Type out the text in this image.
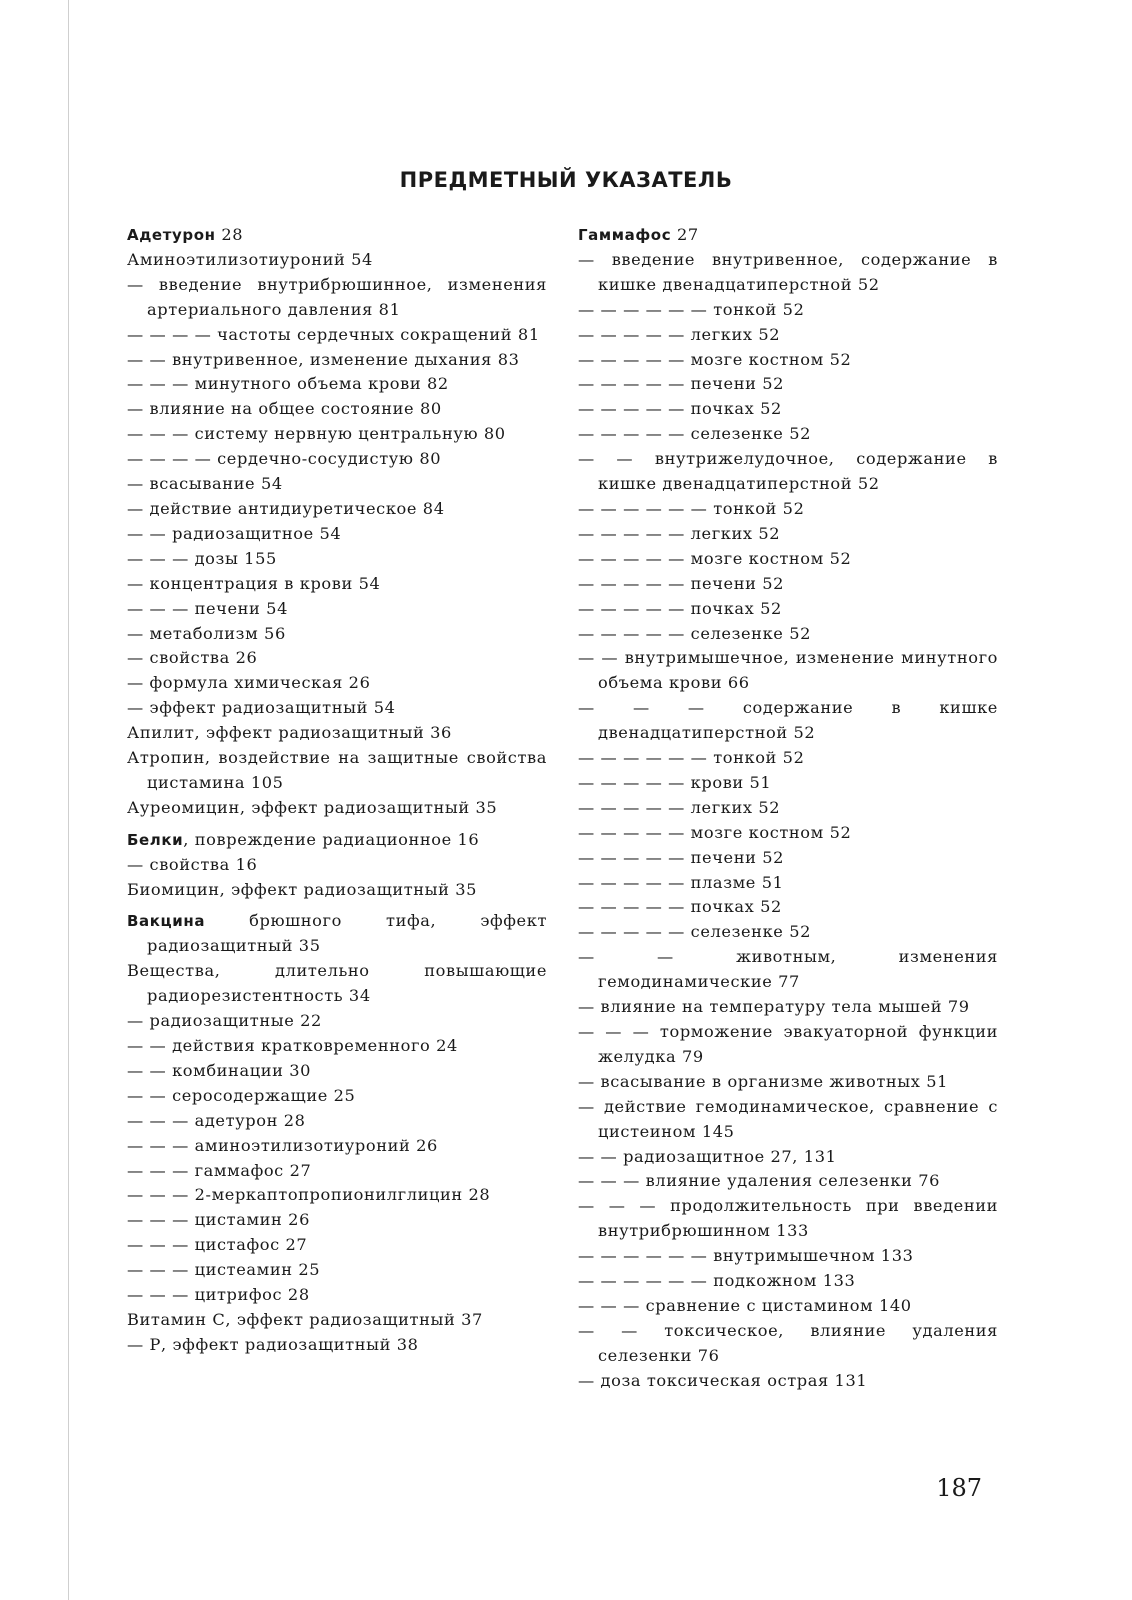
ПРЕДМЕТНЫЙ УКАЗАТЕЛЬ
Адетурон 28
Аминоэтилизотиуроний 54
— введение внутрибрюшинное, изменения артериального давления 81
— — — — частоты сердечных сокращений 81
— — внутривенное, изменение дыхания 83
— — — минутного объема крови 82
— влияние на общее состояние 80
— — — систему нервную центральную 80
— — — — сердечно-сосудистую 80
— всасывание 54
— действие антидиуретическое 84
— — радиозащитное 54
— — — дозы 155
— концентрация в крови 54
— — — печени 54
— метаболизм 56
— свойства 26
— формула химическая 26
— эффект радиозащитный 54
Апилит, эффект радиозащитный 36
Атропин, воздействие на защитные свойства цистамина 105
Ауреомицин, эффект радиозащитный 35
Белки, повреждение радиационное 16
— свойства 16
Биомицин, эффект радиозащитный 35
Вакцина брюшного тифа, эффект радиозащитный 35
Вещества, длительно повышающие радиорезистентность 34
— радиозащитные 22
— — действия кратковременного 24
— — комбинации 30
— — серосодержащие 25
— — — адетурон 28
— — — аминоэтилизотиуроний 26
— — — гаммафос 27
— — — 2-меркаптопропионилглицин 28
— — — цистамин 26
— — — цистафос 27
— — — цистеамин 25
— — — цитрифос 28
Витамин С, эффект радиозащитный 37
— Р, эффект радиозащитный 38
Гаммафос 27
— введение внутривенное, содержание в кишке двенадцатиперстной 52
— — — — — — тонкой 52
— — — — — легких 52
— — — — — мозге костном 52
— — — — — печени 52
— — — — — почках 52
— — — — — селезенке 52
— — внутрижелудочное, содержание в кишке двенадцатиперстной 52
— — — — — — тонкой 52
— — — — — легких 52
— — — — — мозге костном 52
— — — — — печени 52
— — — — — почках 52
— — — — — селезенке 52
— — внутримышечное, изменение минутного объема крови 66
— — — содержание в кишке двенадцатиперстной 52
— — — — — — тонкой 52
— — — — — крови 51
— — — — — легких 52
— — — — — мозге костном 52
— — — — — печени 52
— — — — — плазме 51
— — — — — почках 52
— — — — — селезенке 52
— — животным, изменения гемодинамические 77
— влияние на температуру тела мышей 79
— — — торможение эвакуаторной функции желудка 79
— всасывание в организме животных 51
— действие гемодинамическое, сравнение с цистеином 145
— — радиозащитное 27, 131
— — — влияние удаления селезенки 76
— — — продолжительность при введении внутрибрюшинном 133
— — — — — — внутримышечном 133
— — — — — — подкожном 133
— — — сравнение с цистамином 140
— — токсическое, влияние удаления селезенки 76
— доза токсическая острая 131
187
